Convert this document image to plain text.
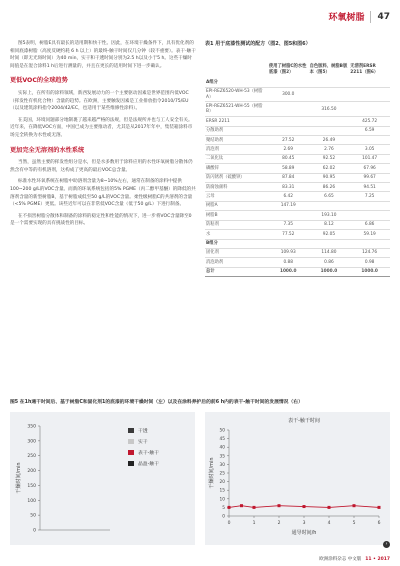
环氧树脂 47

图5表明，树脂E具有最长的适用期和快干性。因此，在环境干燥条件下，具有优化剂的相同底漆树脂（高度反硬约耗 6 h 以上）的最终-触干时间仅几分钟（较不重要）。表干-触干时间（即无光斑时间）为40 min，实干和干透时间分别为2.5 h以及小于5 h。这些干燥时间值是在混合涂料1 h后进行测量的，并且在更长的适用时间下进一步确认。

更低VOC的全球趋势

实际上，在所有的涂料领域，新西发展动力的一个主要驱动因素是世界范围内低VOC（挥发性有机化合物）含量的趋势。在欧洲，主要触发因素是工业排放指令2010/75/EU（以及建筑涂料指令2004/42/EC，也适用于某些维修性涂料）。

在美国，环境问题部分地制裹了越来越严格的法规，但是法规所并也与工人安全有关。近年来，在降低VOC方面，中国已成为主要推动者，尤其是从2017年年中，集装箱涂料市场完全转换为水性或无溶。

更加完全无溶剂的水性系统

当然，虽然主要的挥发性组分是水，但是水多数用于涂料应用的水性环氧树脂分散体仍然含有中等的有机溶剂，这构成了更高的最后VOC总含量。

标准水性环氧系统在树脂中助溶剂含量为8~10%左右，通常在制备的涂料中提供100~200 g/L的VOC含量。而新的环氧系统包括的5% PGME（丙二醇甲基醚）的降低的共溶剂含量的新型树脂B，基于树脂成低至50 g/L的VOC含量。柔性级树脂C的共溶剂的含量（<5% PGME）更低。该些近年可以在非常低VOC含量（低于50 g/L）下进行制备。

在不损害树脂分散体和制备的涂料的稳定性和性能的情况下，进一步将VOC含量降至0是一个需要实现的具有挑战性的目标。

表1 用于底漆性测试的配方（图2、图5和图6）
	使用了树脂C的水性底漆（图2）	自色版料、树脂B版本（图5）	无溶剂ERSR 2211（图6）
A组分			
EPI-REZ6520-WH-53（树脂A）	300.0		
EPI-REZ6521-WH-55（树脂B）		316.50	
ERSR 2211			425.72
分散助剂			6.59
聚结助剂	27.52	26.49	
消泡剂	2.69	2.76	3.05
二氧化钛	80.45	92.52	101.47
磷酸锌	58.89	62.02	67.96
防闪锈剂（硫酸钡）	87.84	90.95	99.67
防腐蚀颜料	83.31	86.26	94.51
云母	6.42	6.65	7.25
树脂A	147.19		
树脂B		193.10	
防粘剂	7.35	8.12	6.86
水	77.52	92.05	59.19
B组分			
固化剂	109.93	114.80	124.76
消泡助剂	0.88	0.86	0.98
总计	1000.0	1000.0	1000.0
图5 在1h通干时间后、基于树脂C和固化剂1的底漆的环境干燥时间（左）以及在涂料养护后的前6 h内的表干-触干时间的发展情况（右）
0
50
100
150
200
250
300
350
干燥时间/min
干透
实干
表干-触干
晶盈-触干
表干-触干时间
0
5
10
15
20
25
30
35
40
45
50
0	1	2	3	4	5	6
通导时间/h
干燥时间/min
›
欧洲涂料杂志 中文版 11 • 2017
